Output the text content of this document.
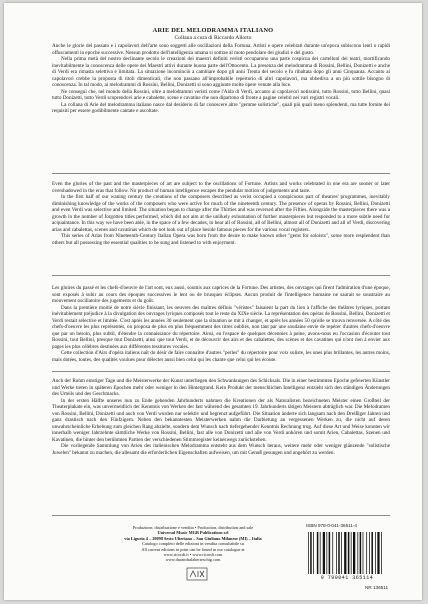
ARIE DEL MELODRAMMA ITALIANO
Collana a cura di Riccardo Allorto

Anche le glorie del passato e i capolavori dell'arte sono soggetti alle oscillazioni della Fortuna. Artisti e opere celebrati durante un'epoca subiscono lenti o rapidi offuscamenti in epoche successive. Nessun prodotto dell'intelligenza umana si sottrae al moto pendolare dei giudizi e del gusto.

Nella prima metà del nostro declinante secolo le creazioni dei maestri definiti veristi occuparono una parte cospicua dei cartelloni dei teatri, mortificando inevitabilmente la conoscenza delle opere dei Maestri attivi durante buona parte dell'Ottocento. La presenza del melodramma di Rossini, Bellini, Donizetti e anche di Verdi era rimasta selettiva e limitata. La situazione incominciò a cambiare dopo gli anni Trenta del secolo e fu ribaltata dopo gli anni Cinquanta. Accanto ai capolavori crebbe la proposta di titoli dimenticati, che non passano all'improbabile repertorio di altri capolavori, ma obbediva a un più sottile bisogno di conoscenza. In tal modo, ai melodrammi di Rossini, Bellini, Donizetti si sono aggiunte molte opere venute alla luce.

Ne conseguì che, nel mondo della Rossini, oltre a melodrammi veristi come l'Aida di Verdi, accanto ai capolavori notissimi, tutto Rossini, tutto Bellini, quasi tutto Donizetti, tutto Verdi scoprendovi arie e cabalette, scene e cavatine che non dipartono di fronte a pagine celebri nei vari registri vocali.

La collana di Arie del melodramma italiano nasce dal desiderio di far conoscere altre "gemme solistiche", quali più quali meno splendenti, ma tutte fornite dei requisiti per essere godibilmente cantate e ascoltate.

Even the glories of the past and the masterpieces of art are subject to the oscillations of Fortune. Artists and works celebrated in one era are sooner or later overshadowed in the eras that follow. No product of human intelligence escapes the pendular motion of judgements and taste.

In the first half of our waning century the creations of the composers described as verist occupied a conspicuous part of theatres' programmes, inevitably diminishing knowledge of the works of the composers who were active for much of the nineteenth century. The presence of operas by Rossini, Bellini, Donizetti and even Verdi was selective and limited. The situation began to change after the Thirties and was reversed after the Fifties. Alongside the masterpieces there was a growth in the number of forgotten titles performed, which did not aim at the unlikely exhumation of further masterpieces but responded to a more subtle need for acquaintance. In this way we have been able, in the space of a few decades, to hear all of Rossini, all of Bellini, almost all of Donizetti and all of Verdi, discovering arias and cabalettas, scenes and cavatinas which do not look out of place beside famous pieces for the various vocal registers.

This series of Arias from Nineteenth-Century Italian Opera was born from the desire to make known other "gems for soloists", some more resplendent than others but all possessing the essential qualities to be sung and listened to with enjoyment.

Les gloires du passé et les chefs-d'oeuvre de l'art sont, eux aussi, soumis aux caprices de la Fortune. Des artistes, des ouvrages qui firent l'admiration d'une époque, sont exposés à subir au cours des époques successives le lent ou de brusques éclipses. Aucun produit de l'intelligence humaine ne saurait se soustraire au mouvement oscillatoire des jugements et du goût.

Dans la première moitié de notre siècle finissant, les oeuvres des maîtres définis "véristes" faisaient la part du lion à l'affiche des théâtres lyriques, portant inévitablement préjudice à la divulgation des ouvrages lyriques composés tout le reste du XIXe siècle. La représentation des opéras de Rossini, Bellini, Donizetti et Verdi restait sélective et limitée. C'est après les années 30 seulement que la situation se mit à changer, et après les années 50 qu'elle se trouva renversée. A côté des chefs-d'oeuvre les plus représentés, on proposa de plus en plus fréquemment des titres oubliés, non tant par une soudaine envie de repérer d'autres chefs-d'oeuvre que par un besoin, plus subtil, d'étendre la connaissance du répertoire. Ainsi, en l'espace de quelques décennies à peine, avons-nous eu l'occasion d'écouter tout Rossini, tout Bellini, presque tout Donizetti, ainsi que tout Verdi, et de découvrir des airs et des cabalettes, des scènes et des cavatines qui n'ont rien à envier aux pages les plus célèbres destinées aux différentes tessitures vocales.

Cette collection d'Airs d'opéra italiens naît du désir de faire connaître d'autres "perles" du répertoire pour voix soliste, les unes plus brillantes, les autres moins, mais dotées, toutes, des qualités voulues pour délecter aussi bien celui qui les chante que celui qui les écoute.

Auch der Ruhm einstiger Tage und die Meisterwerke der Kunst unterliegen den Schwankungen des Schicksals. Die in einer bestimmten Epoche gefeierten Künstler und Werke treten in späteren Epochen mehr oder weniger in den Hintergrund. Kein Produkt der menschlichen Intelligenz entzieht sich den ständigen Änderungen des Urteils und des Geschmacks.

In der ersten Hälfte unseres nun zu Ende gehenden Jahrhunderts nahmen die Kreationen der als Naturalisten bezeichneten Meister einen Großteil der Theaterplakate ein, was unvermeidlich der Kenntnis von Werken der fast während des gesamten 19. Jahrhunderts tätigen Meistern abträglich war. Die Melodramen von Rossini, Bellini, Donizetti und auch von Verdi wurden nur selektiv und begrenzt aufgeführt. Die Situation änderte sich langsam nach den Dreißiger Jahren und ganz drastisch nach den Fünfzigern. Neben den bekanntesten Meisterwerken nahm die Darbietung an vergessenen Werken zu, die nicht auf deren unwahrscheinliche Erhebung zum gleichen Rang abzielte, sondern dem Wunsch nach tiefergehender Kenntnis Rechnung trug. Auf diese Art und Weise konnten wir innerhalb weniger Jahrzehnte sämtliche Werke von Rossini, Bellini, fast alle von Donizetti und alle von Verdi anhören und somit Arien, Cabalettas, Szenen und Kavatinen, die hinter den berühmten Partien der verschiedenen Stimmregister keineswegs zurückstehen.

Die vorliegende Sammlung von Arien des italienischen Melodramma entsteht aus dem Wunsch heraus, weitere mehr oder weniger glänzende "solistische Juwelen" bekannt zu machen, die allesamt die erforderlichen Eigenschaften aufweisen, um mit Genuß gesungen und angehört zu werden.

Produzione, distribuzione e vendita • Production, distribution and sale
Universal Music MGB Publications srl
via Liguria 4 – 20098 Sesto Ulteriano – San Giuliano Milanese (MI) – Italia
Catalogo completo delle edizioni in vendita consultabile su
All current editions in print can be found in our catalogue at
www.ricordi.it • www.ricordi.com
www.durandsalaberteschig.com
ISBN 978-0-041-36511-4
9 790041 365114
NR 136511
